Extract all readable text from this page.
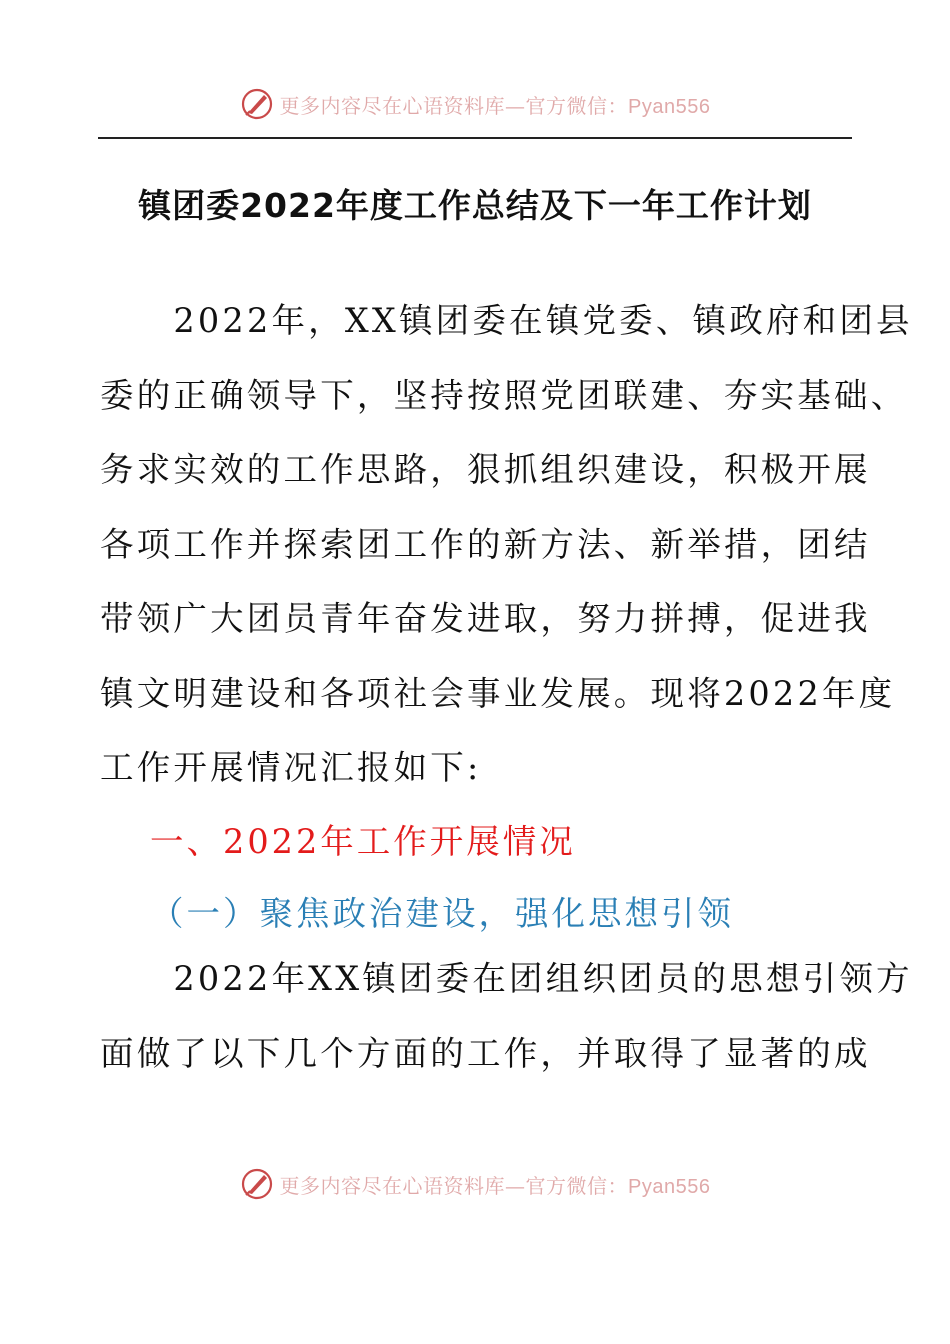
更多内容尽在心语资料库—官方微信：Pyan556
镇团委2022年度工作总结及下一年工作计划
　　2022年，XX镇团委在镇党委、镇政府和团县
委的正确领导下，坚持按照党团联建、夯实基础、
务求实效的工作思路，狠抓组织建设，积极开展
各项工作并探索团工作的新方法、新举措，团结
带领广大团员青年奋发进取，努力拼搏，促进我
镇文明建设和各项社会事业发展。现将2022年度
工作开展情况汇报如下:
一、2022年工作开展情况
（一）聚焦政治建设，强化思想引领
　　2022年XX镇团委在团组织团员的思想引领方
面做了以下几个方面的工作，并取得了显著的成
更多内容尽在心语资料库—官方微信：Pyan556
